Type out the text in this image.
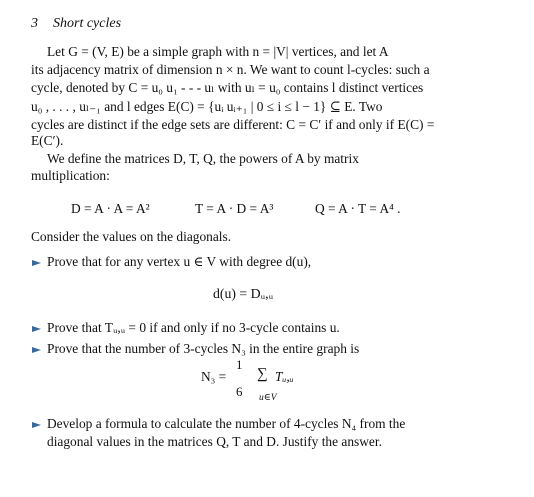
3 Short cycles
Let G = (V, E) be a simple graph with n = |V| vertices, and let A
its adjacency matrix of dimension n × n. We want to count l-cycles: such a
cycle, denoted by C = u₀ u₁ - - - uₗ with uₗ = u₀ contains l distinct vertices
u₀ , . . . , uₗ₋₁ and l edges E(C) = {uᵢ uᵢ₊₁ | 0 ≤ i ≤ l − 1} ⊆ E. Two
cycles are distinct if the edge sets are different: C = C′ if and only if E(C) =
E(C′).
We define the matrices D, T, Q, the powers of A by matrix
multiplication:
D = A · A = A²	T = A · D = A³	Q = A · T = A⁴ .
Consider the values on the diagonals.
Prove that for any vertex u ∈ V with degree d(u),
d(u) = Dᵤ,ᵤ
Prove that Tᵤ,ᵤ = 0 if and only if no 3-cycle contains u.
Prove that the number of 3-cycles N₃ in the entire graph is
N₃ =
1
6
∑ Tᵤ,ᵤ
u∈V
Develop a formula to calculate the number of 4-cycles N₄ from the
diagonal values in the matrices Q, T and D. Justify the answer.
